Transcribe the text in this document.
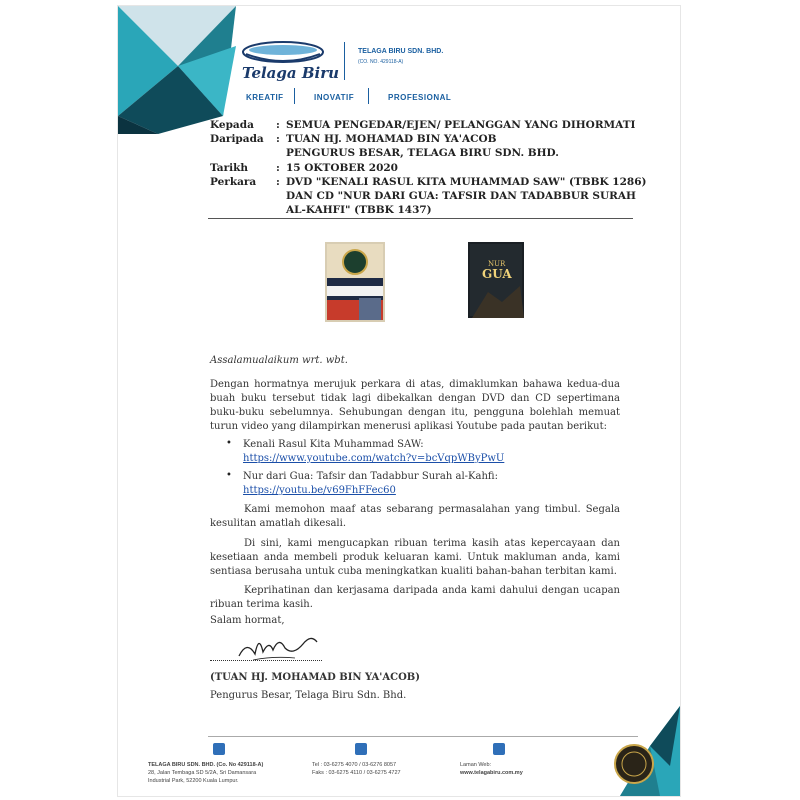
Telaga Biru
TELAGA BIRU SDN. BHD.
(CO. NO. 429118-A)
KREATIF	INOVATIF	PROFESIONAL
Kepada : SEMUA PENGEDAR/EJEN/ PELANGGAN YANG DIHORMATI
Daripada : TUAN HJ. MOHAMAD BIN YA'ACOB
PENGURUS BESAR, TELAGA BIRU SDN. BHD.
Tarikh	: 15 OKTOBER 2020
Perkara : DVD "KENALI RASUL KITA MUHAMMAD SAW" (TBBK 1286)
DAN CD "NUR DARI GUA: TAFSIR DAN TADABBUR SURAH
AL-KAHFI" (TBBK 1437)
NUR
GUA
Assalamualaikum wrt. wbt.
Dengan hormatnya merujuk perkara di atas, dimaklumkan bahawa kedua-dua buah buku tersebut tidak lagi dibekalkan dengan DVD dan CD sepertimana buku-buku sebelumnya. Sehubungan dengan itu, pengguna bolehlah memuat turun video yang dilampirkan menerusi aplikasi Youtube pada pautan berikut:
• Kenali Rasul Kita Muhammad SAW:
https://www.youtube.com/watch?v=bcVqpWByPwU
• Nur dari Gua: Tafsir dan Tadabbur Surah al-Kahfi:
https://youtu.be/v69FhFFec60
Kami memohon maaf atas sebarang permasalahan yang timbul. Segala kesulitan amatlah dikesali.
Di sini, kami mengucapkan ribuan terima kasih atas kepercayaan dan kesetiaan anda membeli produk keluaran kami. Untuk makluman anda, kami sentiasa berusaha untuk cuba meningkatkan kualiti bahan-bahan terbitan kami.
Keprihatinan dan kerjasama daripada anda kami dahului dengan ucapan ribuan terima kasih.
Salam hormat,
(TUAN HJ. MOHAMAD BIN YA'ACOB)
Pengurus Besar, Telaga Biru Sdn. Bhd.
TELAGA BIRU SDN. BHD. (Co. No 429118-A)
28, Jalan Tembaga SD 5/2A, Sri Damansara
Industrial Park, 52200 Kuala Lumpur.
Tel : 03-6275 4070 / 03-6276 8057
Faks : 03-6275 4110 / 03-6275 4727
Laman Web:
www.telagabiru.com.my
